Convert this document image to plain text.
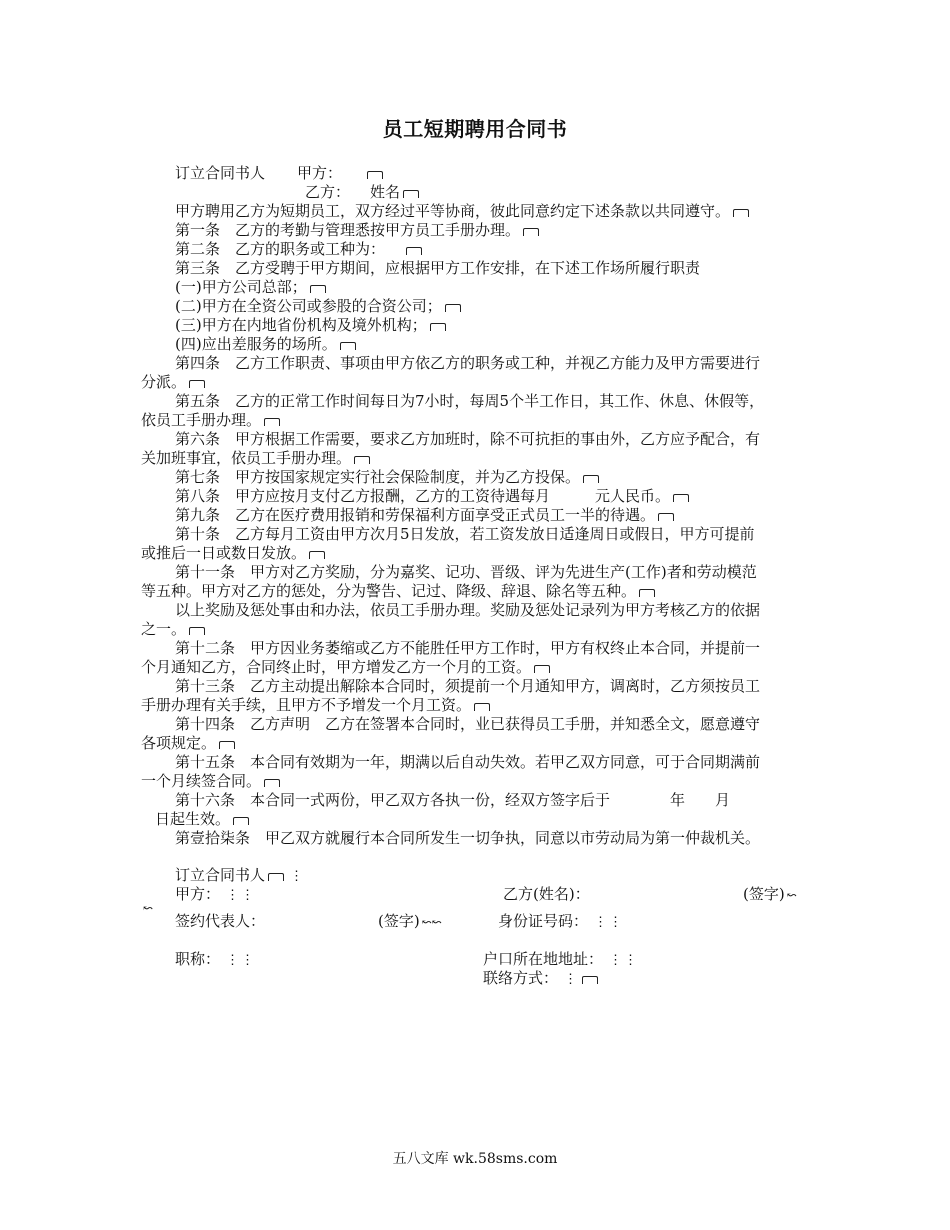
员工短期聘用合同书
订立合同书人 甲方：
乙方： 姓名
甲方聘用乙方为短期员工，双方经过平等协商，彼此同意约定下述条款以共同遵守。
第一条　乙方的考勤与管理悉按甲方员工手册办理。
第二条　乙方的职务或工种为：
第三条　乙方受聘于甲方期间，应根据甲方工作安排，在下述工作场所履行职责
(一)甲方公司总部；
(二)甲方在全资公司或参股的合资公司；
(三)甲方在内地省份机构及境外机构；
(四)应出差服务的场所。
第四条　乙方工作职责、事项由甲方依乙方的职务或工种，并视乙方能力及甲方需要进行
分派。
第五条　乙方的正常工作时间每日为7小时，每周5个半工作日，其工作、休息、休假等，
依员工手册办理。
第六条　甲方根据工作需要，要求乙方加班时，除不可抗拒的事由外，乙方应予配合，有
关加班事宜，依员工手册办理。
第七条　甲方按国家规定实行社会保险制度，并为乙方投保。
第八条　甲方应按月支付乙方报酬，乙方的工资待遇每月　　　元人民币。
第九条　乙方在医疗费用报销和劳保福利方面享受正式员工一半的待遇。
第十条　乙方每月工资由甲方次月5日发放，若工资发放日适逢周日或假日，甲方可提前
或推后一日或数日发放。
第十一条　甲方对乙方奖励，分为嘉奖、记功、晋级、评为先进生产(工作)者和劳动模范
等五种。甲方对乙方的惩处，分为警告、记过、降级、辞退、除名等五种。
以上奖励及惩处事由和办法，依员工手册办理。奖励及惩处记录列为甲方考核乙方的依据
之一。
第十二条　甲方因业务萎缩或乙方不能胜任甲方工作时，甲方有权终止本合同，并提前一
个月通知乙方，合同终止时，甲方增发乙方一个月的工资。
第十三条　乙方主动提出解除本合同时，须提前一个月通知甲方，调离时，乙方须按员工
手册办理有关手续，且甲方不予增发一个月工资。
第十四条　乙方声明　乙方在签署本合同时，业已获得员工手册，并知悉全文，愿意遵守
各项规定。
第十五条　本合同有效期为一年，期满以后自动失效。若甲乙双方同意，可于合同期满前
一个月续签合同。
第十六条　本合同一式两份，甲乙双方各执一份，经双方签字后于　　　　年　　月
日起生效。
第壹拾柒条　甲乙双方就履行本合同所发生一切争执，同意以市劳动局为第一仲裁机关。
订立合同书人 ⋮
甲方： ⋮⋮	乙方(姓名)：	(签字) ↜
↜
签约代表人：	(签字) ↜↜	身份证号码： ⋮⋮
职称： ⋮⋮	户口所在地地址： ⋮⋮
联络方式： ⋮
五八文库 wk.58sms.com
